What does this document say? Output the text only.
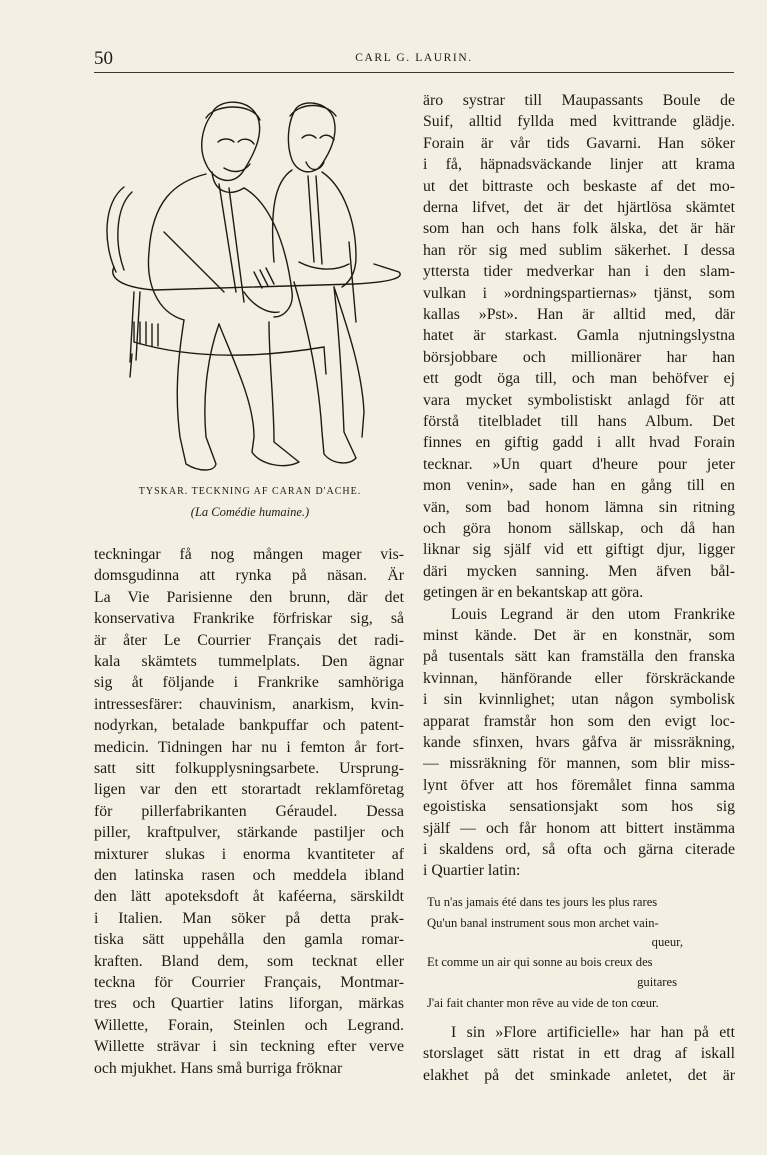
50	CARL G. LAURIN.
TYSKAR. TECKNING AF CARAN D'ACHE.
(La Comédie humaine.)
teckningar få nog mången mager vis-
domsgudinna att rynka på näsan. Är
La Vie Parisienne den brunn, där det
konservativa Frankrike förfriskar sig, så
är åter Le Courrier Français det radi-
kala skämtets tummelplats. Den ägnar
sig åt följande i Frankrike samhöriga
intressesfärer: chauvinism, anarkism, kvin-
nodyrkan, betalade bankpuffar och patent-
medicin. Tidningen har nu i femton år fort-
satt sitt folkupplysningsarbete. Ursprung-
ligen var den ett storartadt reklamföretag
för pillerfabrikanten Géraudel. Dessa
piller, kraftpulver, stärkande pastiljer och
mixturer slukas i enorma kvantiteter af
den latinska rasen och meddela ibland
den lätt apoteksdoft åt kaféerna, särskildt
i Italien. Man söker på detta prak-
tiska sätt uppehålla den gamla romar-
kraften. Bland dem, som tecknat eller
teckna för Courrier Français, Montmar-
tres och Quartier latins liforgan, märkas
Willette, Forain, Steinlen och Legrand.
Willette strävar i sin teckning efter verve
och mjukhet. Hans små burriga fröknar
äro systrar till Maupassants Boule de
Suif, alltid fyllda med kvittrande glädje.
Forain är vår tids Gavarni. Han söker
i få, häpnadsväckande linjer att krama
ut det bittraste och beskaste af det mo-
derna lifvet, det är det hjärtlösa skämtet
som han och hans folk älska, det är här
han rör sig med sublim säkerhet. I dessa
yttersta tider medverkar han i den slam-
vulkan i »ordningspartiernas» tjänst, som
kallas »Pst». Han är alltid med, där
hatet är starkast. Gamla njutningslystna
börsjobbare och millionärer har han
ett godt öga till, och man behöfver ej
vara mycket symbolistiskt anlagd för att
förstå titelbladet till hans Album. Det
finnes en giftig gadd i allt hvad Forain
tecknar. »Un quart d'heure pour jeter
mon venin», sade han en gång till en
vän, som bad honom lämna sin ritning
och göra honom sällskap, och då han
liknar sig själf vid ett giftigt djur, ligger
däri mycken sanning. Men äfven bål-
getingen är en bekantskap att göra.
Louis Legrand är den utom Frankrike
minst kände. Det är en konstnär, som
på tusentals sätt kan framställa den franska
kvinnan, hänförande eller förskräckande
i sin kvinnlighet; utan någon symbolisk
apparat framstår hon som den evigt loc-
kande sfinxen, hvars gåfva är missräkning,
— missräkning för mannen, som blir miss-
lynt öfver att hos föremålet finna samma
egoistiska sensationsjakt som hos sig
själf — och får honom att bittert instämma
i skaldens ord, så ofta och gärna citerade
i Quartier latin:
Tu n'as jamais été dans tes jours les plus rares
Qu'un banal instrument sous mon archet vain-
queur,
Et comme un air qui sonne au bois creux des
guitares
J'ai fait chanter mon rêve au vide de ton cœur.
I sin »Flore artificielle» har han på ett
storslaget sätt ristat in ett drag af iskall
elakhet på det sminkade anletet, det är
